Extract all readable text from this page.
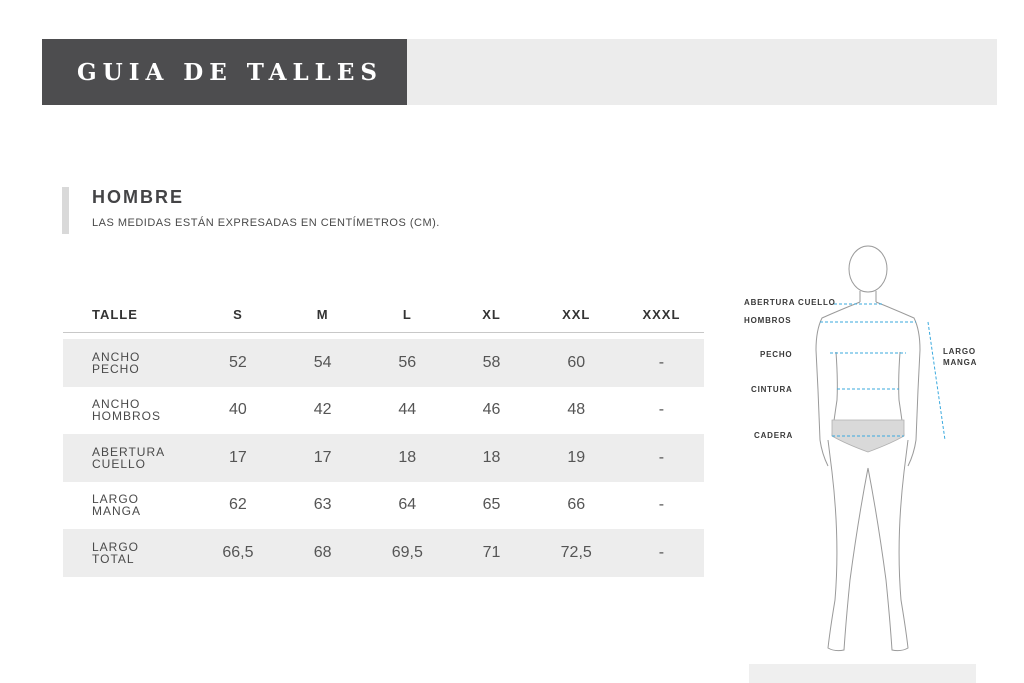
GUIA DE TALLES
HOMBRE
LAS MEDIDAS ESTÁN EXPRESADAS EN CENTÍMETROS (CM).
TALLE	S	M	L	XL	XXL	XXXL
ANCHO
PECHO	52	54	56	58	60	-
ANCHO
HOMBROS	40	42	44	46	48	-
ABERTURA
CUELLO	17	17	18	18	19	-
LARGO
MANGA	62	63	64	65	66	-
LARGO
TOTAL	66,5	68	69,5	71	72,5	-
ABERTURA CUELLO
HOMBROS
PECHO
CINTURA
CADERA
LARGO
MANGA
